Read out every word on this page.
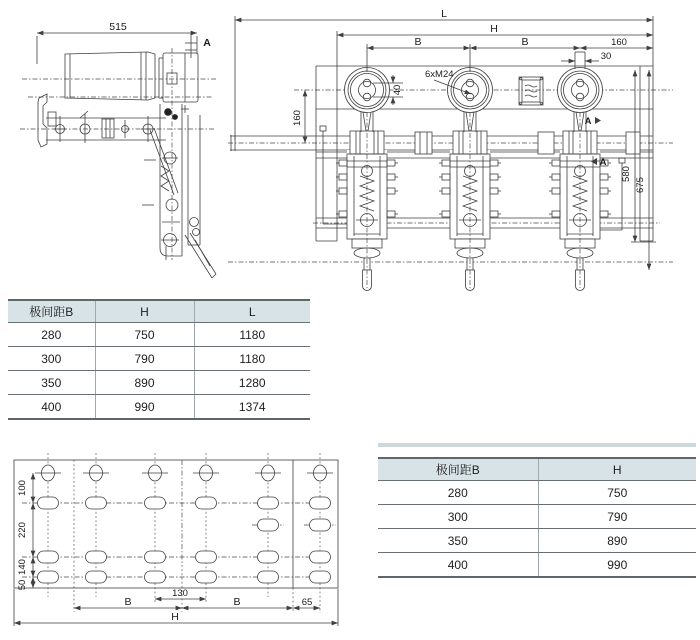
515
A
L
H
B	B	160
30
6xM24
40
160
580
675
A
A
极间距B	H	L
280	750	1180
300	790	1180
350	890	1280
400	990	1374
100
220
140
50
130
B	B	65
H
极间距B	H
280	750
300	790
350	890
400	990
